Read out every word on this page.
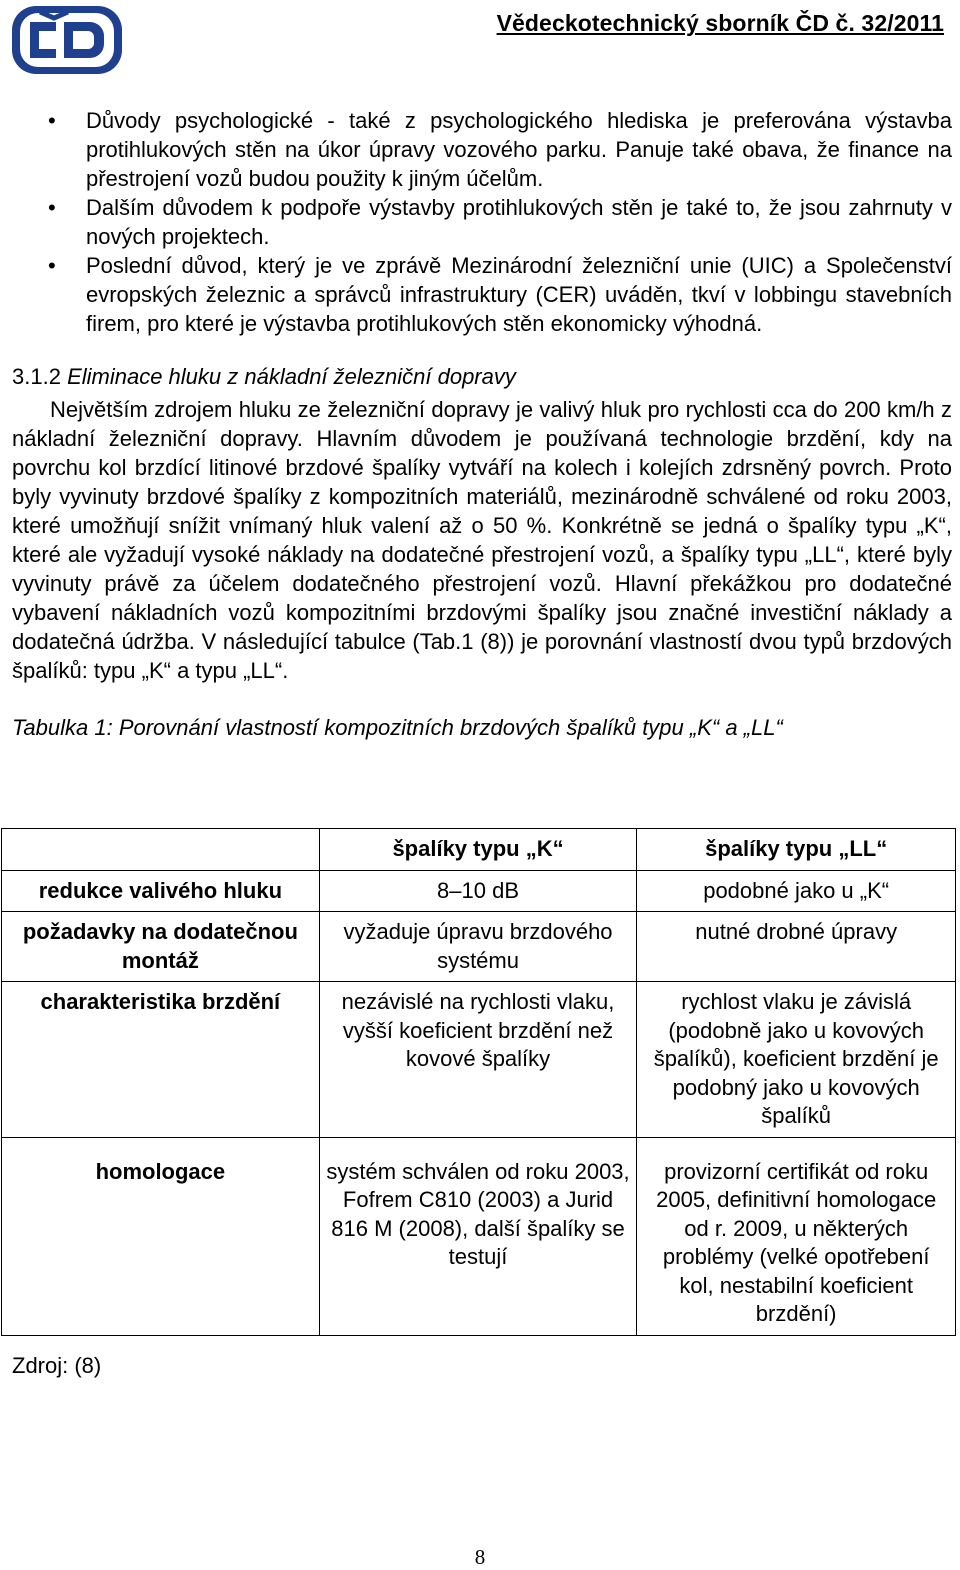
Vědeckotechnický sborník ČD č. 32/2011
• Důvody psychologické - také z psychologického hlediska je preferována výstavba protihlukových stěn na úkor úpravy vozového parku. Panuje také obava, že finance na přestrojení vozů budou použity k jiným účelům.
• Dalším důvodem k podpoře výstavby protihlukových stěn je také to, že jsou zahrnuty v nových projektech.
• Poslední důvod, který je ve zprávě Mezinárodní železniční unie (UIC) a Společenství evropských železnic a správců infrastruktury (CER) uváděn, tkví v lobbingu stavebních firem, pro které je výstavba protihlukových stěn ekonomicky výhodná.
3.1.2 Eliminace hluku z nákladní železniční dopravy
Největším zdrojem hluku ze železniční dopravy je valivý hluk pro rychlosti cca do 200 km/h z nákladní železniční dopravy. Hlavním důvodem je používaná technologie brzdění, kdy na povrchu kol brzdící litinové brzdové špalíky vytváří na kolech i kolejích zdrsněný povrch. Proto byly vyvinuty brzdové špalíky z kompozitních materiálů, mezinárodně schválené od roku 2003, které umožňují snížit vnímaný hluk valení až o 50 %. Konkrétně se jedná o špalíky typu „K“, které ale vyžadují vysoké náklady na dodatečné přestrojení vozů, a špalíky typu „LL“, které byly vyvinuty právě za účelem dodatečného přestrojení vozů. Hlavní překážkou pro dodatečné vybavení nákladních vozů kompozitními brzdovými špalíky jsou značné investiční náklady a dodatečná údržba. V následující tabulce (Tab.1 (8)) je porovnání vlastností dvou typů brzdových špalíků: typu „K“ a typu „LL“.
Tabulka 1: Porovnání vlastností kompozitních brzdových špalíků typu „K“ a „LL“
	špalíky typu „K“	špalíky typu „LL“
redukce valivého hluku	8–10 dB	podobné jako u „K“
požadavky na dodatečnou montáž	vyžaduje úpravu brzdového systému	nutné drobné úpravy
charakteristika brzdění	nezávislé na rychlosti vlaku, vyšší koeficient brzdění než kovové špalíky	rychlost vlaku je závislá (podobně jako u kovových špalíků), koeficient brzdění je podobný jako u kovových špalíků
homologace	systém schválen od roku 2003, Fofrem C810 (2003) a Jurid 816 M (2008), další špalíky se testují	provizorní certifikát od roku 2005, definitivní homologace od r. 2009, u některých problémy (velké opotřebení kol, nestabilní koeficient brzdění)
Zdroj: (8)
8
